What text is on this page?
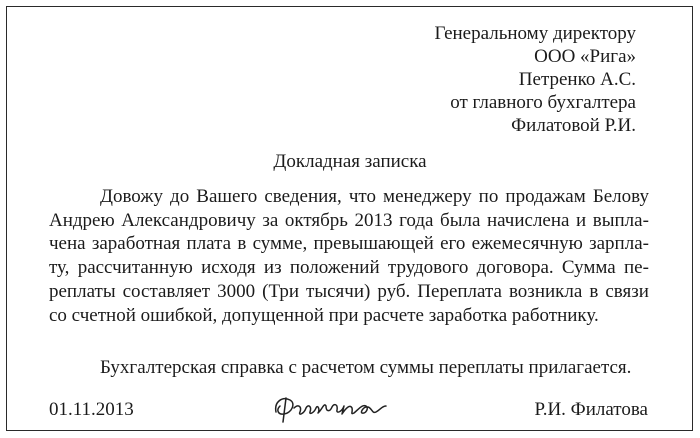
Генеральному директору
ООО «Рига»
Петренко А.С.
от главного бухгалтера
Филатовой Р.И.
Докладная записка
Довожу до Вашего сведения, что менеджеру по продажам Белову
Андрею Александровичу за октябрь 2013 года была начислена и выпла-
чена заработная плата в сумме, превышающей его ежемесячную зарпла-
ту, рассчитанную исходя из положений трудового договора. Сумма пе-
реплаты составляет 3000 (Три тысячи) руб. Переплата возникла в связи
со счетной ошибкой, допущенной при расчете заработка работнику.
Бухгалтерская справка с расчетом суммы переплаты прилагается.
01.11.2013	Р.И. Филатова
